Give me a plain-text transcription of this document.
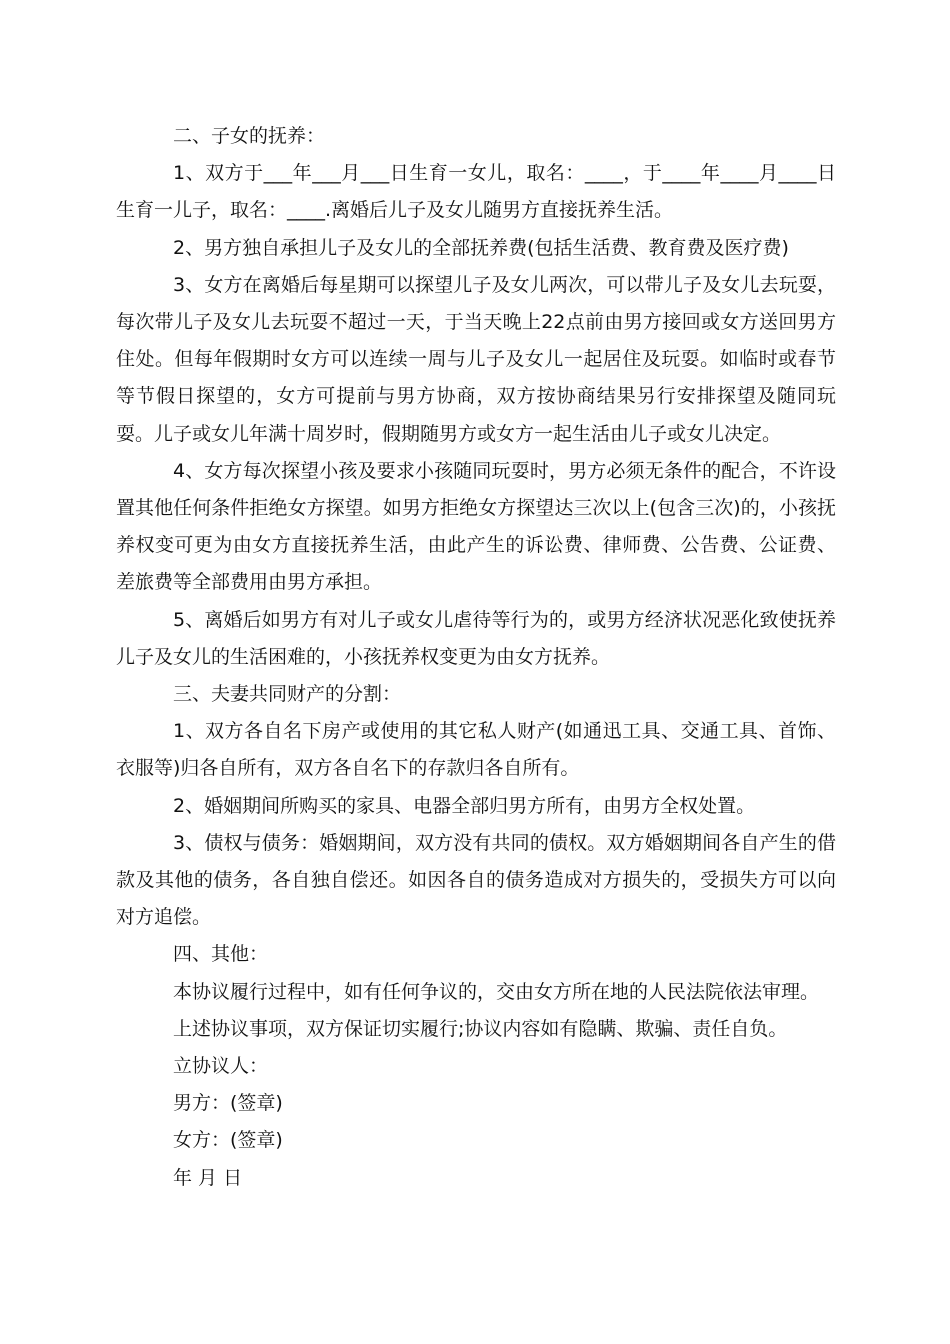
二、子女的抚养：

1、双方于___年___月___日生育一女儿，取名：____，于____年____月____日生育一儿子，取名：____.离婚后儿子及女儿随男方直接抚养生活。

2、男方独自承担儿子及女儿的全部抚养费(包括生活费、教育费及医疗费)

3、女方在离婚后每星期可以探望儿子及女儿两次，可以带儿子及女儿去玩耍，每次带儿子及女儿去玩耍不超过一天，于当天晚上22点前由男方接回或女方送回男方住处。但每年假期时女方可以连续一周与儿子及女儿一起居住及玩耍。如临时或春节等节假日探望的，女方可提前与男方协商，双方按协商结果另行安排探望及随同玩耍。儿子或女儿年满十周岁时，假期随男方或女方一起生活由儿子或女儿决定。

4、女方每次探望小孩及要求小孩随同玩耍时，男方必须无条件的配合，不许设置其他任何条件拒绝女方探望。如男方拒绝女方探望达三次以上(包含三次)的，小孩抚养权变可更为由女方直接抚养生活，由此产生的诉讼费、律师费、公告费、公证费、差旅费等全部费用由男方承担。

5、离婚后如男方有对儿子或女儿虐待等行为的，或男方经济状况恶化致使抚养儿子及女儿的生活困难的，小孩抚养权变更为由女方抚养。

三、夫妻共同财产的分割：

1、双方各自名下房产或使用的其它私人财产(如通迅工具、交通工具、首饰、衣服等)归各自所有，双方各自名下的存款归各自所有。

2、婚姻期间所购买的家具、电器全部归男方所有，由男方全权处置。

3、债权与债务：婚姻期间，双方没有共同的债权。双方婚姻期间各自产生的借款及其他的债务，各自独自偿还。如因各自的债务造成对方损失的，受损失方可以向对方追偿。

四、其他：

本协议履行过程中，如有任何争议的，交由女方所在地的人民法院依法审理。

上述协议事项，双方保证切实履行;协议内容如有隐瞒、欺骗、责任自负。

立协议人：

男方：(签章)

女方：(签章)

年 月 日
